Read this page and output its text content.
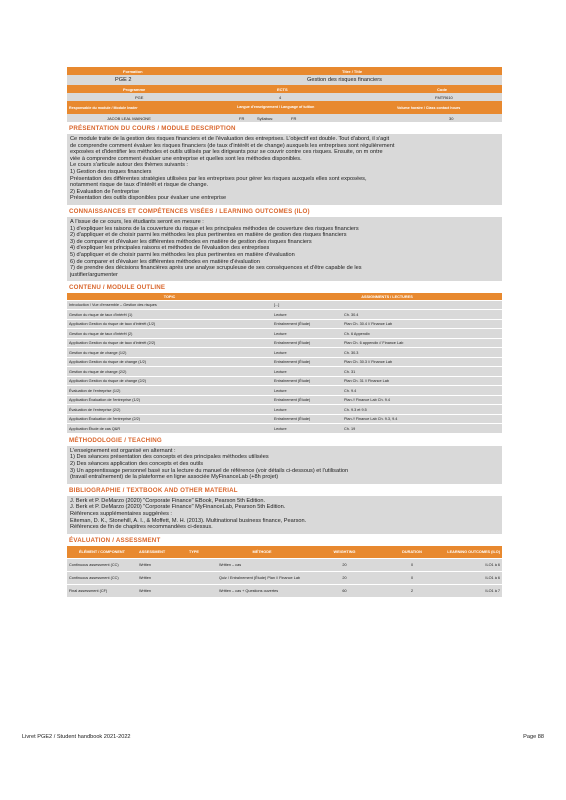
Formation	Titre / Title
PGE 2	Gestion des risques financiers
Programme	ECTS	Code
PGE	4	FMTR610
Responsable du module / Module leader	Langue d'enseignement / Language of tuition	Volume horaire / Class contact hours
JACOB LEAL MAINONE	FR	Syllabus:	FR	30
PRÉSENTATION DU COURS / MODULE DESCRIPTION
Ce module traite de la gestion des risques financiers et de l'évaluation des entreprises. L'objectif est double. Tout d'abord, il s'agit
de comprendre comment évaluer les risques financiers (de taux d'intérêt et de change) auxquels les entreprises sont régulièrement
exposées et d'identifier les méthodes et outils utilisés par les dirigeants pour se couvrir contre ces risques. Ensuite, on m ontre
viée à comprendre comment évaluer une entreprise et quelles sont les méthodes disponibles.
Le cours s'articule autour des thèmes suivants :
1) Gestion des risques financiers
Présentation des différentes stratégies utilisées par les entreprises pour gérer les risques auxquels elles sont exposées,
notamment risque de taux d'intérêt et risque de change.
2) Évaluation de l'entreprise
Présentation des outils disponibles pour évaluer une entreprise
CONNAISSANCES ET COMPÉTENCES VISÉES / LEARNING OUTCOMES (ILO)
À l'issue de ce cours, les étudiants seront en mesure :
1) d'expliquer les raisons de la couverture du risque et les principales méthodes de couverture des risques financiers
2) d'appliquer et de choisir parmi les méthodes les plus pertinentes en matière de gestion des risques financiers
3) de comparer et d'évaluer les différentes méthodes en matière de gestion des risques financiers
4) d'expliquer les principales raisons et méthodes de l'évaluation des entreprises
5) d'appliquer et de choisir parmi les méthodes les plus pertinentes en matière d'évaluation
6) de comparer et d'évaluer les différentes méthodes en matière d'évaluation
7) de prendre des décisions financières après une analyse scrupuleuse de ses conséquences et d'être capable de les
justifier/argumenter
CONTENU / MODULE OUTLINE
TOPIC	ASSIGNMENTS / LECTURES	
Introduction / Vue d'ensemble – Gestion des risques	[...]	
Gestion du risque de taux d'intérêt (1)	Lecture	Ch. 30.4
Application Gestion du risque de taux d'intérêt (1/2)	Entraînement (Étude)	Plan Ch. 30.4 // Finance Lab
Gestion du risque de taux d'intérêt (2)	Lecture	Ch. 6 Appendix
Application Gestion du risque de taux d'intérêt (2/2)	Entraînement (Étude)	Plan Ch. 6 appendix // Finance Lab
Gestion du risque de change (1/2)	Lecture	Ch. 30.3
Application Gestion du risque de change (1/2)	Entraînement (Étude)	Plan Ch. 30.3 // Finance Lab
Gestion du risque de change (2/2)	Lecture	Ch. 31
Application Gestion du risque de change (2/2)	Entraînement (Étude)	Plan Ch. 31 // Finance Lab
Évaluation de l'entreprise (1/2)	Lecture	Ch. 9.4
Application Évaluation de l'entreprise (1/2)	Entraînement (Étude)	Plan // Finance Lab Ch. 9.4
Évaluation de l'entreprise (2/2)	Lecture	Ch. 9.3 et 9.5
Application Évaluation de l'entreprise (2/2)	Entraînement (Étude)	Plan // Finance Lab Ch. 9.3, 9.4
Application Étude de cas Q&R	Lecture	Ch. 19
MÉTHODOLOGIE / TEACHING
L'enseignement est organisé en alternant :
1) Des séances présentation des concepts et des principales méthodes utilisées
2) Des séances application des concepts et des outils
3) Un apprentissage personnel basé sur la lecture du manuel de référence (voir détails ci-dessous) et l'utilisation
(travail entraînement) de la plateforme en ligne associée MyFinanceLab (+8h projet)
BIBLIOGRAPHIE / TEXTBOOK AND OTHER MATERIAL
J. Berk et P. DeMarzo (2020) "Corporate Finance" EBook, Pearson 5th Edition.
J. Berk et P. DeMarzo (2020) "Corporate Finance" MyFinanceLab, Pearson 5th Edition.
Références supplémentaires suggérées :
Eiteman, D. K., Stonehill, A. I., & Moffett, M. H. (2013). Multinational business finance, Pearson.
Références de fin de chapitres recommandées ci-dessus.
ÉVALUATION / ASSESSMENT
ÉLÉMENT / COMPONENT	ASSESSMENT	TYPE	MÉTHODE	WEIGHTING	DURATION	LEARNING OUTCOMES (ILO)
Continuous assessment (CC)	Written		Written – cas	20	0	ILO1 à 6
Continuous assessment (CC)	Written		Quiz / Entraînement (Étude) Plan // Finance Lab	20	0	ILO1 à 6
Final assessment (CF)	Written		Written – cas + Questions ouvertes	60	2	ILO1 à 7
Livret PGE2 / Student handbook 2021-2022	Page 88
